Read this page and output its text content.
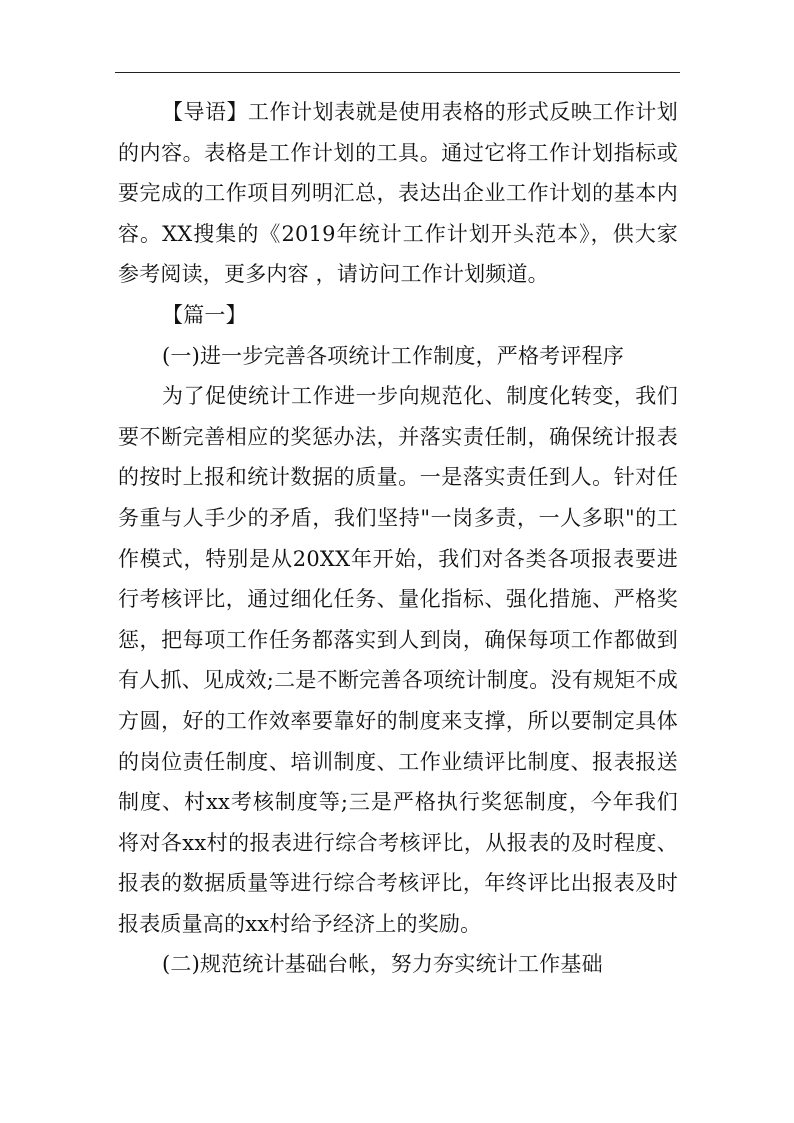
【导语】工作计划表就是使用表格的形式反映工作计划的内容。表格是工作计划的工具。通过它将工作计划指标或要完成的工作项目列明汇总，表达出企业工作计划的基本内容。XX搜集的《2019年统计工作计划开头范本》，供大家参考阅读，更多内容 ，请访问工作计划频道。

【篇一】

(一)进一步完善各项统计工作制度，严格考评程序

为了促使统计工作进一步向规范化、制度化转变，我们要不断完善相应的奖惩办法，并落实责任制，确保统计报表的按时上报和统计数据的质量。一是落实责任到人。针对任务重与人手少的矛盾，我们坚持"一岗多责，一人多职"的工作模式，特别是从20XX年开始，我们对各类各项报表要进行考核评比，通过细化任务、量化指标、强化措施、严格奖惩，把每项工作任务都落实到人到岗，确保每项工作都做到有人抓、见成效;二是不断完善各项统计制度。没有规矩不成方圆，好的工作效率要靠好的制度来支撑，所以要制定具体的岗位责任制度、培训制度、工作业绩评比制度、报表报送制度、村xx考核制度等;三是严格执行奖惩制度，今年我们将对各xx村的报表进行综合考核评比，从报表的及时程度、报表的数据质量等进行综合考核评比，年终评比出报表及时报表质量高的xx村给予经济上的奖励。

(二)规范统计基础台帐，努力夯实统计工作基础
